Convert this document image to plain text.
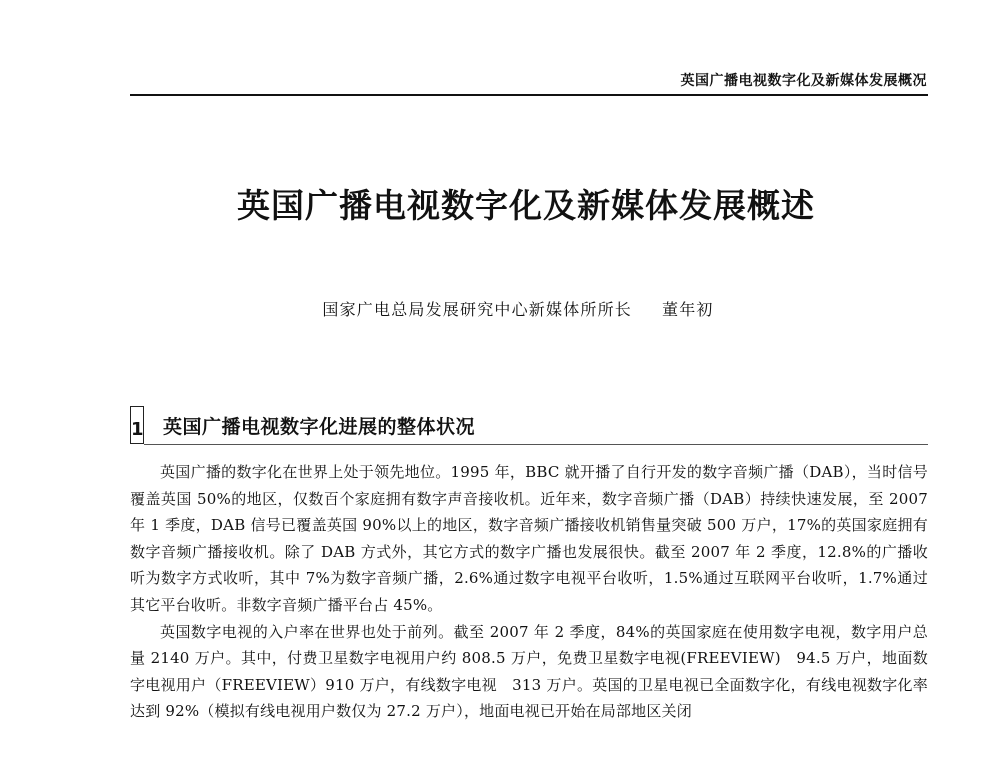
英国广播电视数字化及新媒体发展概况
英国广播电视数字化及新媒体发展概述
国家广电总局发展研究中心新媒体所所长 董年初
1 英国广播电视数字化进展的整体状况

英国广播的数字化在世界上处于领先地位。1995 年，BBC 就开播了自行开发的数字音频广播（DAB），当时信号覆盖英国 50%的地区，仅数百个家庭拥有数字声音接收机。近年来，数字音频广播（DAB）持续快速发展，至 2007 年 1 季度，DAB 信号已覆盖英国 90%以上的地区，数字音频广播接收机销售量突破 500 万户，17%的英国家庭拥有数字音频广播接收机。除了 DAB 方式外，其它方式的数字广播也发展很快。截至 2007 年 2 季度，12.8%的广播收听为数字方式收听，其中 7%为数字音频广播，2.6%通过数字电视平台收听，1.5%通过互联网平台收听，1.7%通过其它平台收听。非数字音频广播平台占 45%。

英国数字电视的入户率在世界也处于前列。截至 2007 年 2 季度，84%的英国家庭在使用数字电视，数字用户总量 2140 万户。其中，付费卫星数字电视用户约 808.5 万户，免费卫星数字电视(FREEVIEW)　94.5 万户，地面数字电视用户（FREEVIEW）910 万户，有线数字电视　313 万户。英国的卫星电视已全面数字化，有线电视数字化率达到 92%（模拟有线电视用户数仅为 27.2 万户），地面电视已开始在局部地区关闭
